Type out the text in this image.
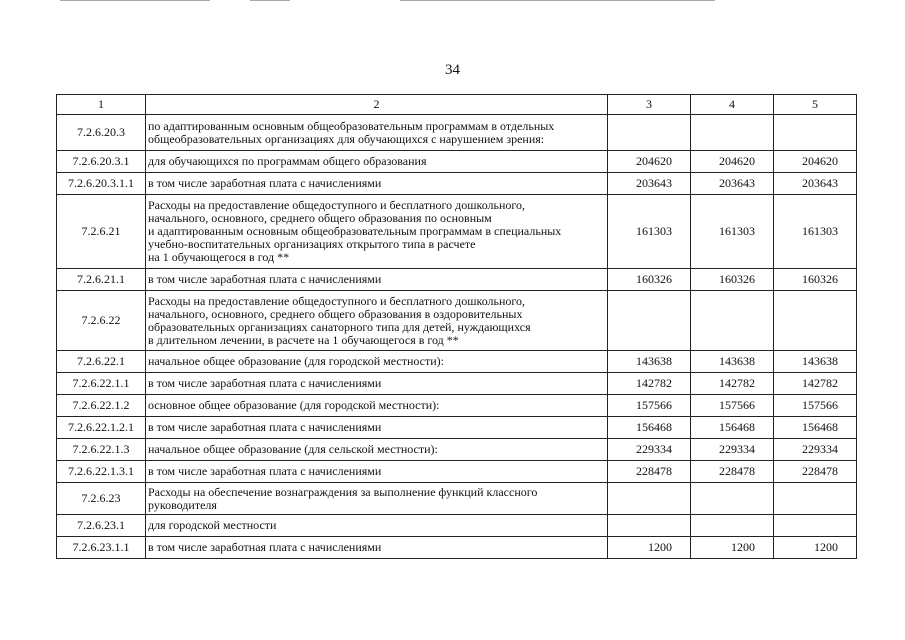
34
1	2	3	4	5
7.2.6.20.3	по адаптированным основным общеобразовательным программам в отдельных
общеобразовательных организациях для обучающихся с нарушением зрения:			
7.2.6.20.3.1	для обучающихся по программам общего образования	204620	204620	204620
7.2.6.20.3.1.1	в том числе заработная плата с начислениями	203643	203643	203643
7.2.6.21	Расходы на предоставление общедоступного и бесплатного дошкольного,
начального, основного, среднего общего образования по основным
и адаптированным основным общеобразовательным программам в специальных
учебно-воспитательных организациях открытого типа в расчете
на 1 обучающегося в год **	161303	161303	161303
7.2.6.21.1	в том числе заработная плата с начислениями	160326	160326	160326
7.2.6.22	Расходы на предоставление общедоступного и бесплатного дошкольного,
начального, основного, среднего общего образования в оздоровительных
образовательных организациях санаторного типа для детей, нуждающихся
в длительном лечении, в расчете на 1 обучающегося в год **			
7.2.6.22.1	начальное общее образование (для городской местности):	143638	143638	143638
7.2.6.22.1.1	в том числе заработная плата с начислениями	142782	142782	142782
7.2.6.22.1.2	основное общее образование (для городской местности):	157566	157566	157566
7.2.6.22.1.2.1	в том числе заработная плата с начислениями	156468	156468	156468
7.2.6.22.1.3	начальное общее образование (для сельской местности):	229334	229334	229334
7.2.6.22.1.3.1	в том числе заработная плата с начислениями	228478	228478	228478
7.2.6.23	Расходы на обеспечение вознаграждения за выполнение функций классного
руководителя			
7.2.6.23.1	для городской местности			
7.2.6.23.1.1	в том числе заработная плата с начислениями	1200	1200	1200
